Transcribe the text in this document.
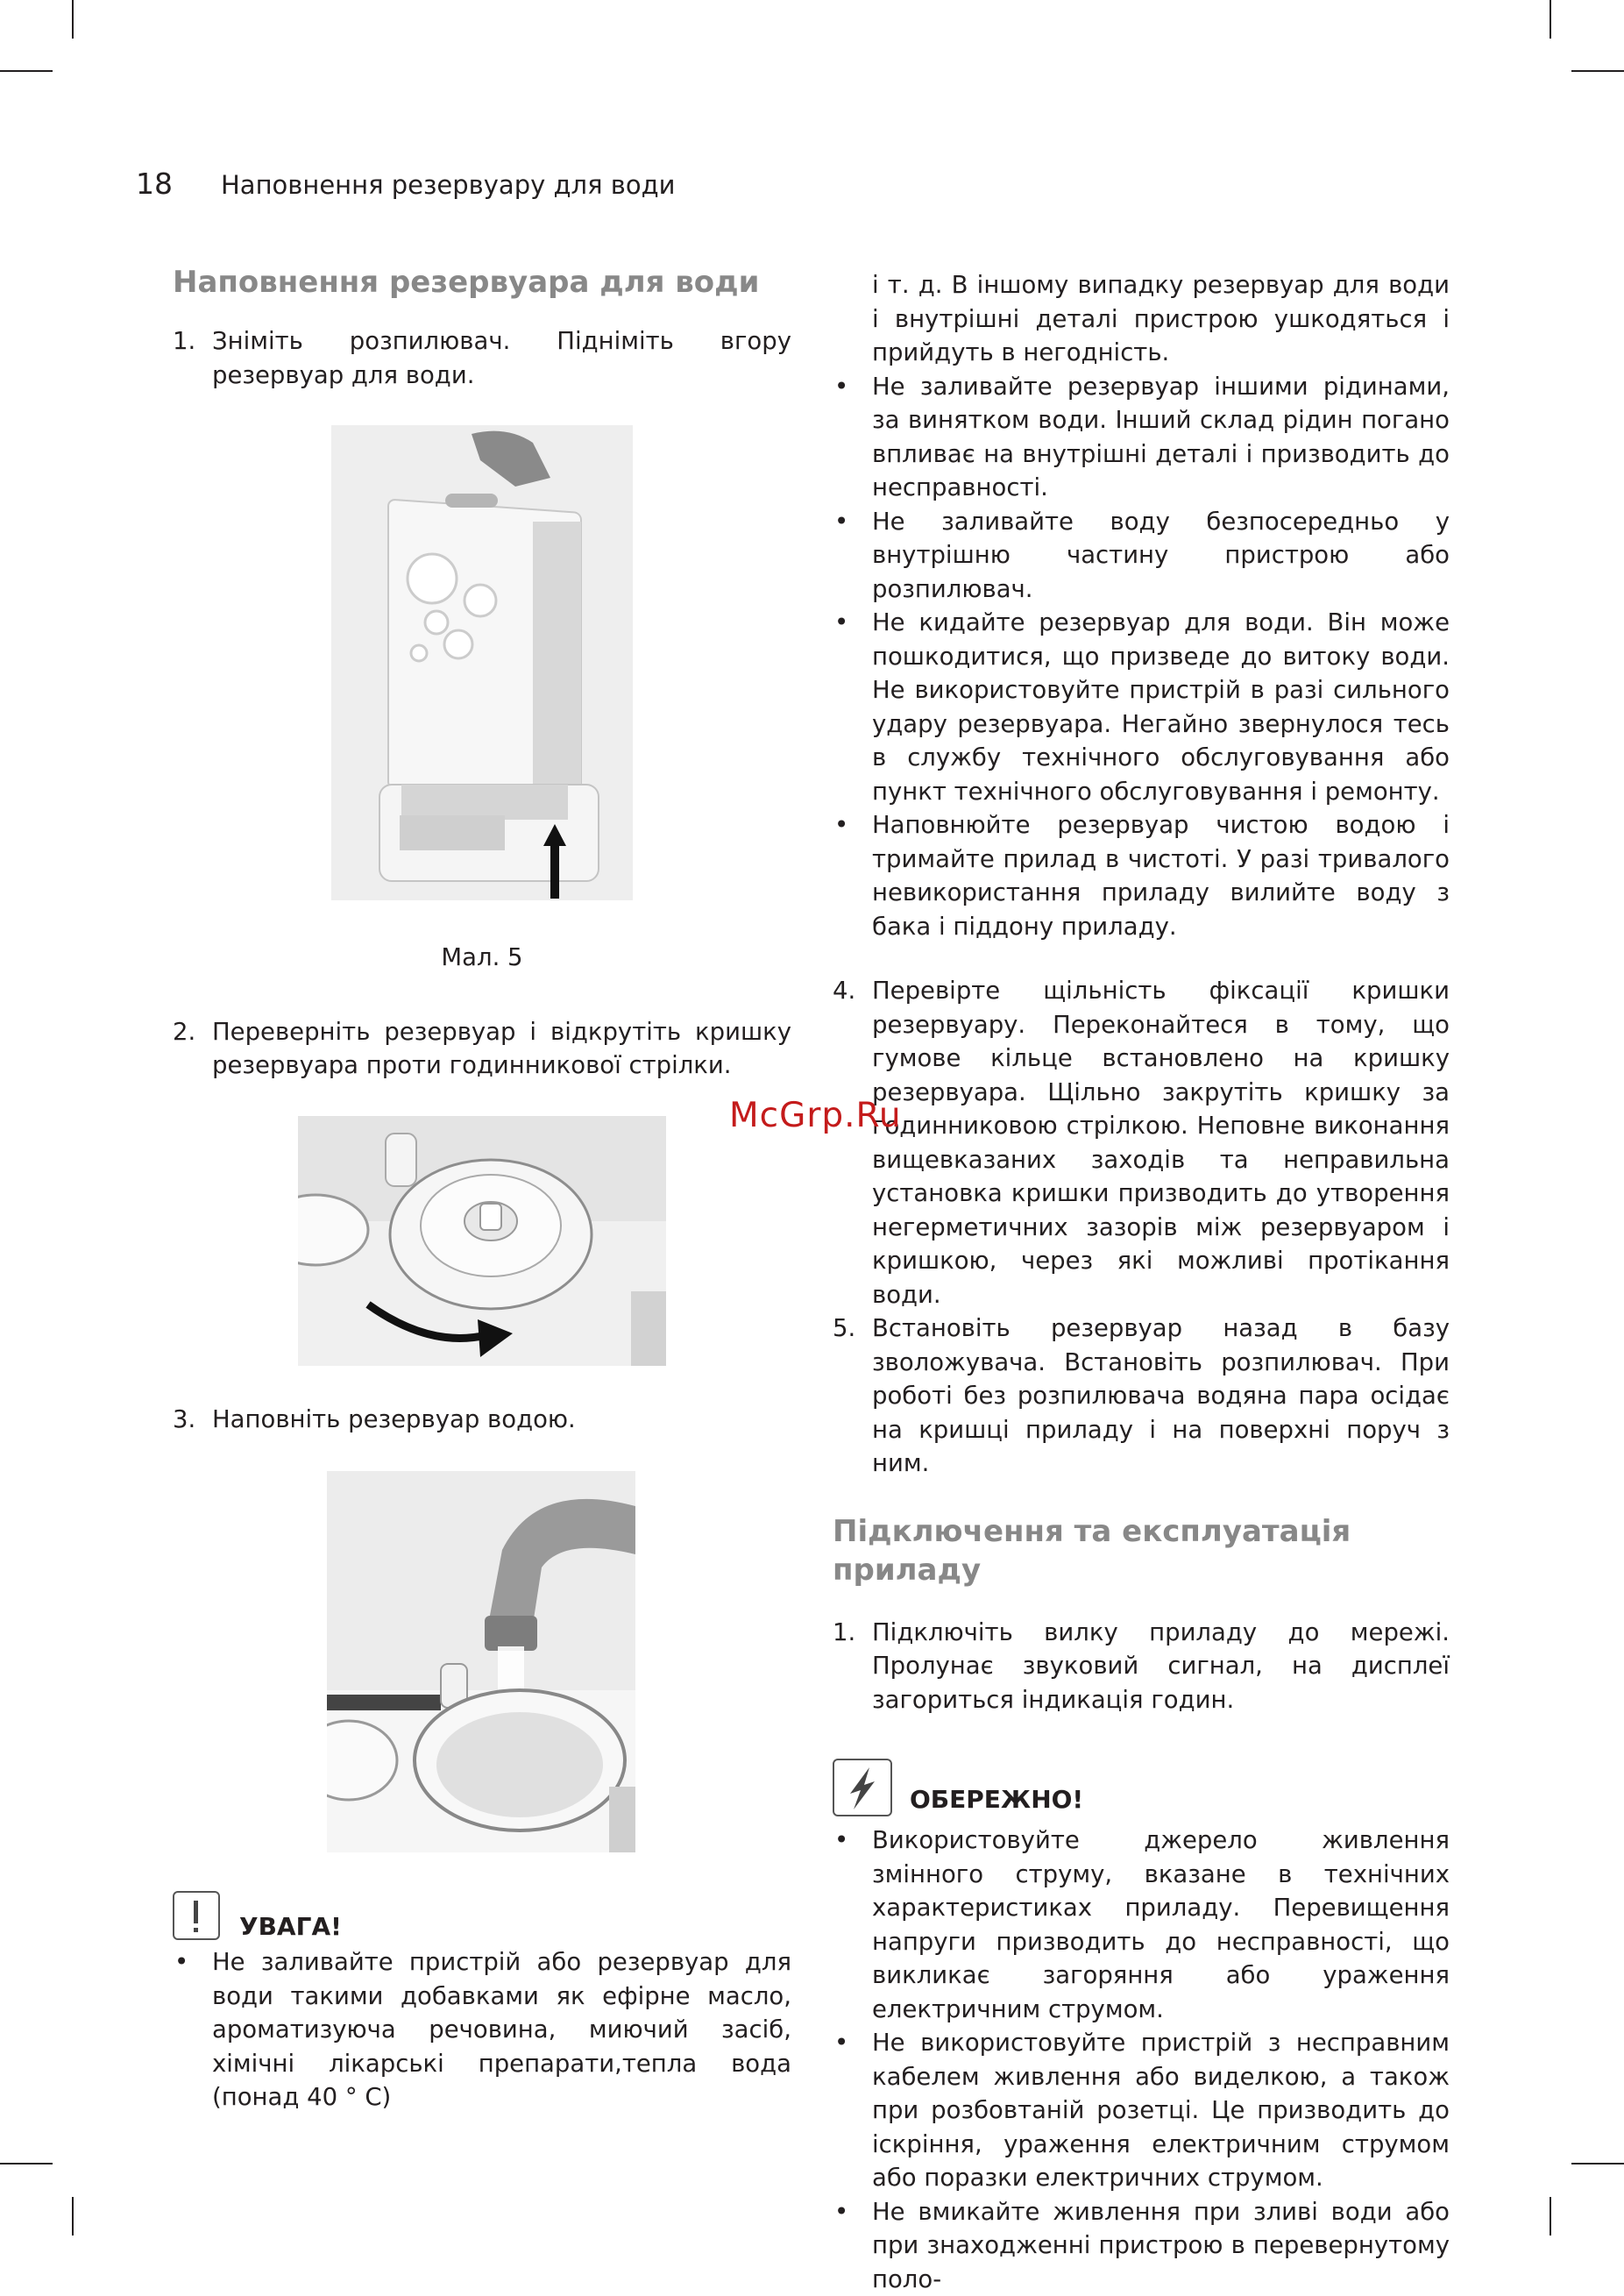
18 Наповнення резервуару для води
Наповнення резервуара для води
1. Зніміть розпилювач. Підніміть вгору резервуар для води.

Мал. 5

2. Переверніть резервуар і відкрутіть кришку резервуара проти годинникової стрілки.
3. Наповніть резервуар водою.
УВАГА!
• Не заливайте пристрій або резервуар для води такими добавками як ефірне масло, ароматизуюча речовина, миючий засіб, хімічні лікарські препарати,тепла вода (понад 40 ° С)
і т. д. В іншому випадку резервуар для води і внутрішні деталі пристрою ушкодяться і прийдуть в негодність.
• Не заливайте резервуар іншими рідинами, за винятком води. Інший склад рідин погано впливає на внутрішні деталі і призводить до несправності.
• Не заливайте воду безпосередньо у внутрішню частину пристрою або розпилювач.
• Не кидайте резервуар для води. Він може пошкодитися, що призведе до витоку води. Не використовуйте пристрій в разі сильного удару резервуара. Негайно звернулося тесь в службу технічного обслуговування або пункт технічного обслуговування і ремонту.
• Наповнюйте резервуар чистою водою і тримайте прилад в чистоті. У разі тривалого невикористання приладу вилийте воду з бака і піддону приладу.
4. Перевірте щільність фіксації кришки резервуару. Переконайтеся в тому, що гумове кільце встановлено на кришку резервуара. Щільно закрутіть кришку за годинниковою стрілкою. Неповне виконання вищевказаних заходів та неправильна установка кришки призводить до утворення негерметичних зазорів між резервуаром і кришкою, через які можливі протікання води.
5. Встановіть резервуар назад в базу зволожувача. Встановіть розпилювач. При роботі без розпилювача водяна пара осідає на кришці приладу і на поверхні поруч з ним.
Підключення та експлуатація приладу
1. Підключіть вилку приладу до мережі. Пролунає звуковий сигнал, на дисплеї загориться індикація годин.
ОБЕРЕЖНО!
• Використовуйте джерело живлення змінного струму, вказане в технічних характеристиках приладу. Перевищення напруги призводить до несправності, що викликає загоряння або ураження електричним струмом.
• Не використовуйте пристрій з несправним кабелем живлення або виделкою, а також при розбовтаній розетці. Це призводить до іскріння, ураження електричним струмом або поразки електричних струмом.
• Не вмикайте живлення при зливі води або при знаходженні пристрою в перевернутому поло-
McGrp.Ru
